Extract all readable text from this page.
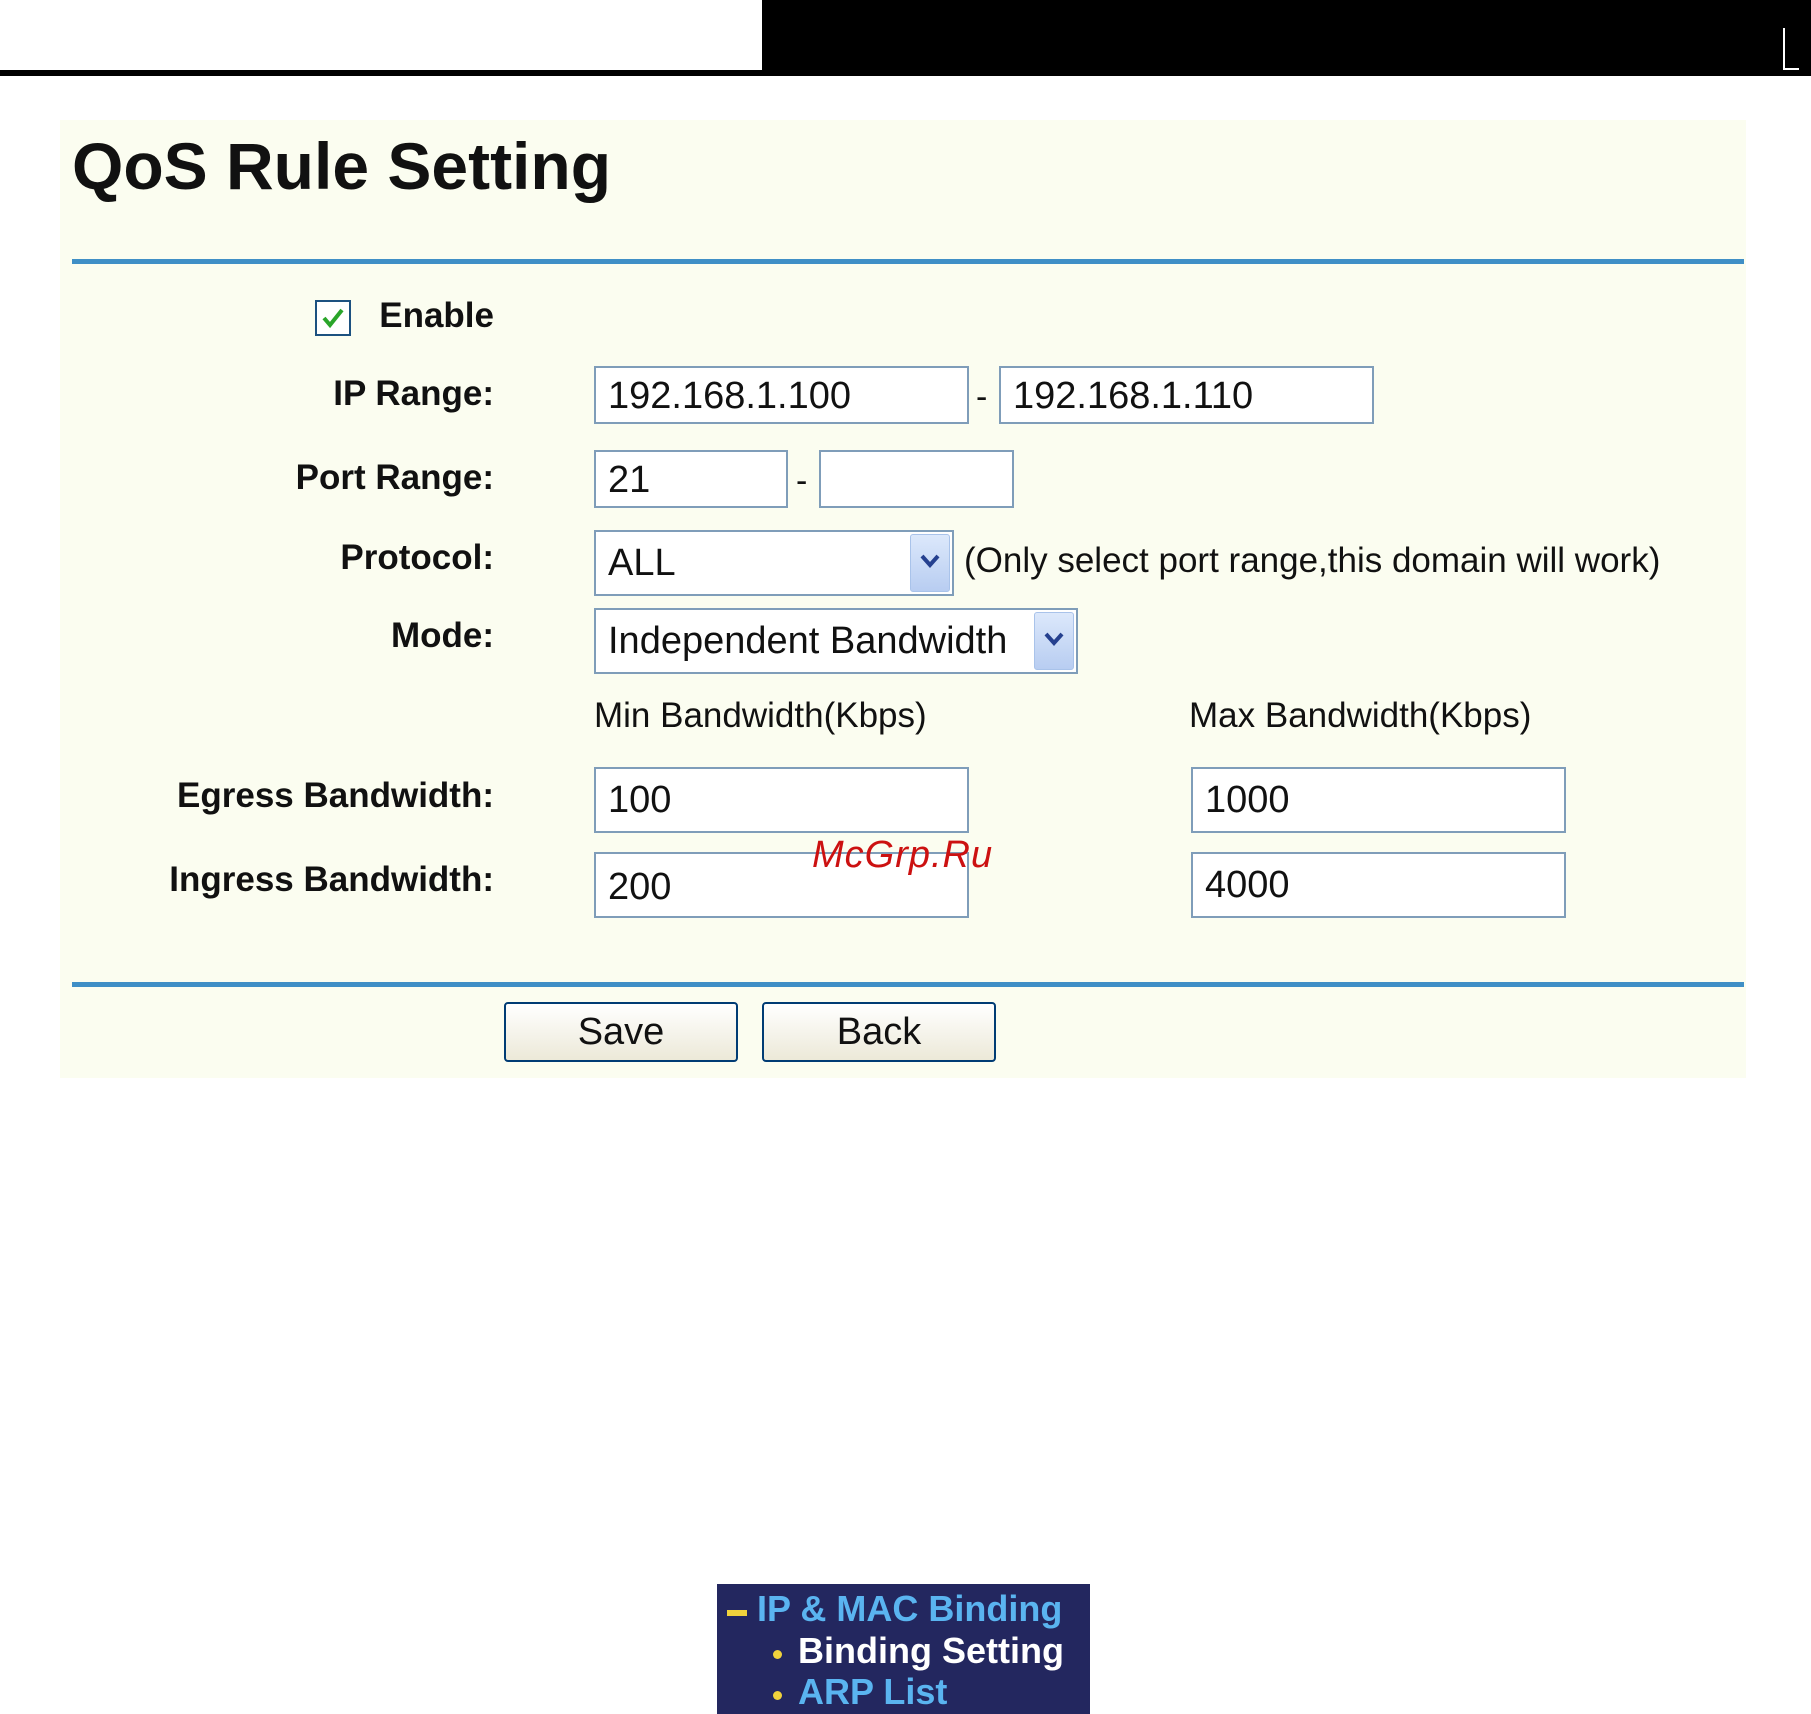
QoS Rule Setting
Enable
IP Range:	192.168.1.100	- 192.168.1.110
Port Range:	21	-
Protocol:	ALL	(Only select port range,this domain will work)
Mode:	Independent Bandwidth
Min Bandwidth(Kbps)	Max Bandwidth(Kbps)
Egress Bandwidth:	100	1000
Ingress Bandwidth:	200	4000
McGrp.Ru
Save	Back
IP & MAC Binding
Binding Setting
ARP List
